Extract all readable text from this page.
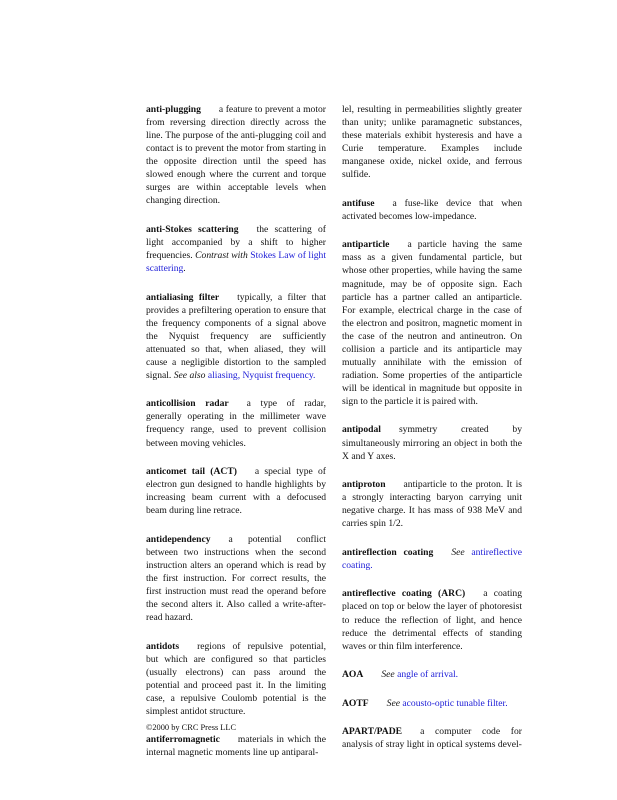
anti-plugging a feature to prevent a motor from reversing direction directly across the line. The purpose of the anti-plugging coil and contact is to prevent the motor from starting in the opposite direction until the speed has slowed enough where the current and torque surges are within acceptable levels when changing direction.

anti-Stokes scattering the scattering of light accompanied by a shift to higher frequencies. Contrast with Stokes Law of light scattering.

antialiasing filter typically, a filter that provides a prefiltering operation to ensure that the frequency components of a signal above the Nyquist frequency are sufficiently attenuated so that, when aliased, they will cause a negligible distortion to the sampled signal. See also aliasing, Nyquist frequency.

anticollision radar a type of radar, generally operating in the millimeter wave frequency range, used to prevent collision between moving vehicles.

anticomet tail (ACT) a special type of electron gun designed to handle highlights by increasing beam current with a defocused beam during line retrace.

antidependency a potential conflict between two instructions when the second instruction alters an operand which is read by the first instruction. For correct results, the first instruction must read the operand before the second alters it. Also called a write-after-read hazard.

antidots regions of repulsive potential, but which are configured so that particles (usually electrons) can pass around the potential and proceed past it. In the limiting case, a repulsive Coulomb potential is the simplest antidot structure.

antiferromagnetic materials in which the internal magnetic moments line up antiparal-

lel, resulting in permeabilities slightly greater than unity; unlike paramagnetic substances, these materials exhibit hysteresis and have a Curie temperature. Examples include manganese oxide, nickel oxide, and ferrous sulfide.

antifuse a fuse-like device that when activated becomes low-impedance.

antiparticle a particle having the same mass as a given fundamental particle, but whose other properties, while having the same magnitude, may be of opposite sign. Each particle has a partner called an antiparticle. For example, electrical charge in the case of the electron and positron, magnetic moment in the case of the neutron and antineutron. On collision a particle and its antiparticle may mutually annihilate with the emission of radiation. Some properties of the antiparticle will be identical in magnitude but opposite in sign to the particle it is paired with.

antipodal symmetry created by simultaneously mirroring an object in both the X and Y axes.

antiproton antiparticle to the proton. It is a strongly interacting baryon carrying unit negative charge. It has mass of 938 MeV and carries spin 1/2.

antireflection coating See antireflective coating.

antireflective coating (ARC) a coating placed on top or below the layer of photoresist to reduce the reflection of light, and hence reduce the detrimental effects of standing waves or thin film interference.

AOA See angle of arrival.

AOTF See acousto-optic tunable filter.

APART/PADE a computer code for analysis of stray light in optical systems devel-

©2000 by CRC Press LLC
